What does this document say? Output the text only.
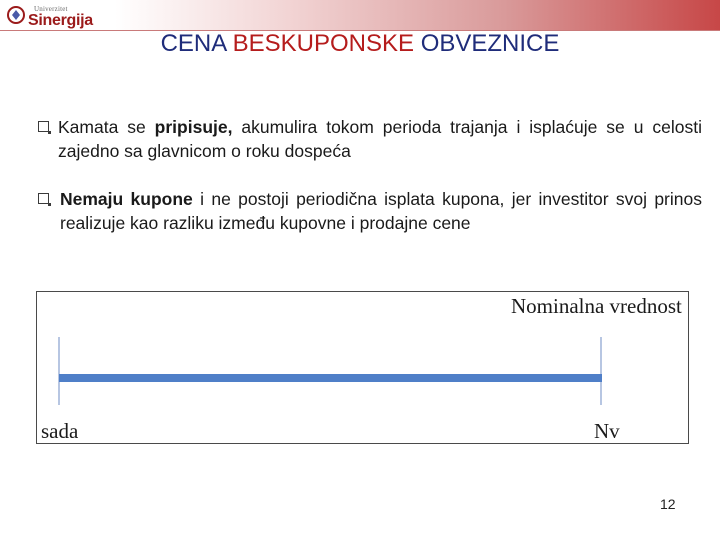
Univerzitet
Sinergija
CENA BESKUPONSKE OBVEZNICE
Kamata se pripisuje, akumulira tokom perioda trajanja i isplaćuje se u celosti zajedno sa glavnicom o roku dospeća
Nemaju kupone i ne postoji periodična isplata kupona, jer investitor svoj prinos realizuje kao razliku između kupovne i prodajne cene
Nominalna vrednost
sada	Nv
12
